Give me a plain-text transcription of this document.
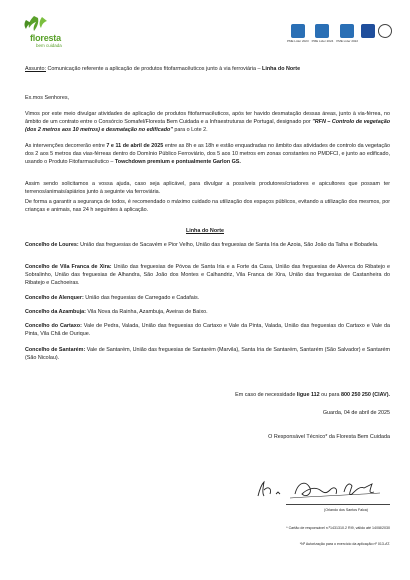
floresta
bem cuidada
PME Líder 2023 PME Líder 2024 PME Líder 2022

Assunto: Comunicação referente a aplicação de produtos fitofarmacêuticos junto à via ferroviária – Linha do Norte
Ex.mos Senhores,
Vimos por este meio divulgar atividades de aplicação de produtos fitofarmacêuticos, após ter havido desmatação dessas áreas, junto à via-férrea, no âmbito de um contrato entre o Consórcio Somafel/Floresta Bem Cuidada e a Infraestruturas de Portugal, designado por "RFN – Controlo de vegetação (dos 2 metros aos 10 metros) e desmatação no edificado" para o Lote 2.
As intervenções decorrerão entre 7 e 11 de abril de 2025 entre as 8h e as 18h e estão enquadradas no âmbito das atividades de controlo da vegetação dos 2 aos 5 metros das vias-férreas dentro do Domínio Público Ferroviário, dos 5 aos 10 metros em zonas constantes no PMDFCI, e junto ao edificado, usando o Produto Fitofarmacêutico – Towchdown premium e pontualmente Garlon GS.
Assim sendo solicitamos a vossa ajuda, caso seja aplicável, para divulgar a possíveis produtores/criadores e apicultores que possam ter terrenos/animais/apiários junto à seguinte via ferroviária.
De forma a garantir a segurança de todos, é recomendado o máximo cuidado na utilização dos espaços públicos, evitando a utilização dos mesmos, por crianças e animais, nas 24 h seguintes à aplicação.
Linha do Norte
Concelho de Loures: União das freguesias de Sacavém e Pior Velho, União das freguesias de Santa Iria de Azoia, São João da Talha e Bobadela.
Concelho de Vila Franca de Xira: União das freguesias de Póvoa de Santa Iria e a Forte da Casa, União das freguesias de Alverca do Ribatejo e Sobralinho, União das freguesias de Alhandra, São João dos Montes e Calhandriz, Vila Franca de Xira, União das freguesias de Castanheira do Ribatejo e Cachoeiras.
Concelho de Alenquer: União das freguesias de Carregado e Cadafais.
Concelho da Azambuja: Vila Nova da Rainha, Azambuja, Aveiras de Baixo.
Concelho do Cartaxo: Vale de Pedra, Valada, União das freguesias do Cartaxo e Vale da Pinta, Valada, União das freguesias do Cartaxo e Vale da Pinta, Vila Chã de Ourique.
Concelho de Santarém: Vale de Santarém, União das freguesias de Santarém (Marvila), Santa Iria de Santarém, Santarém (São Salvador) e Santarém (São Nicolau).
Em caso de necessidade ligue 112 ou para 800 250 250 (CIAV).
Guarda, 04 de abril de 2025
O Responsável Técnico* da Floresta Bem Cuidada
(Orlando dos Santos Falca)
* Cartão de responsável n.º1431310.2 RI9, válido até 14/08/2030
*Nº Autorização para o exercício da aplicação nº 013-AT.
